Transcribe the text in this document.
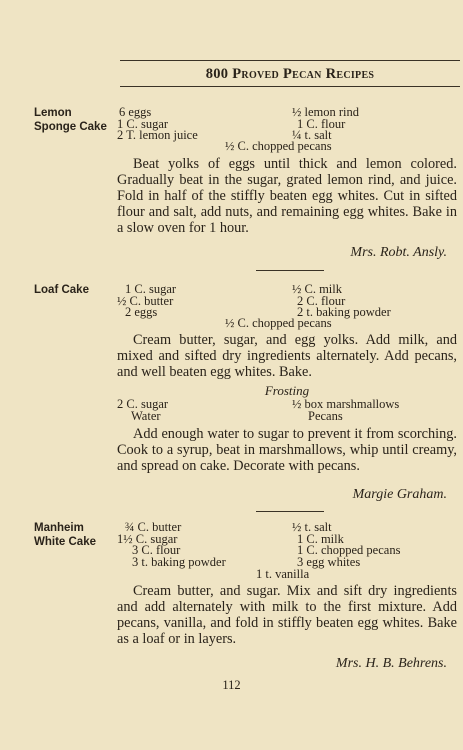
800 Proved Pecan Recipes
Lemon
Sponge Cake
6 eggs
1 C. sugar
2 T. lemon juice
½ lemon rind
1 C. flour
¼ t. salt
½ C. chopped pecans
Beat yolks of eggs until thick and lemon colored. Gradually beat in the sugar, grated lemon rind, and juice. Fold in half of the stiffly beaten egg whites. Cut in sifted flour and salt, add nuts, and remaining egg whites. Bake in a slow oven for 1 hour.
Mrs. Robt. Ansly.
Loaf Cake	1 C. sugar
½ C. butter
2 eggs
½ C. milk
2 C. flour
2 t. baking powder
½ C. chopped pecans
Cream butter, sugar, and egg yolks. Add milk, and mixed and sifted dry ingredients alternately. Add pecans, and well beaten egg whites. Bake.
Frosting
2 C. sugar
Water
½ box marshmallows
Pecans
Add enough water to sugar to prevent it from scorching. Cook to a syrup, beat in marshmallows, whip until creamy, and spread on cake. Decorate with pecans.
Margie Graham.
Manheim
White Cake
¾ C. butter
1½ C. sugar
3 C. flour
3 t. baking powder
½ t. salt
1 C. milk
1 C. chopped pecans
3 egg whites
1 t. vanilla
Cream butter, and sugar. Mix and sift dry ingredients and add alternately with milk to the first mixture. Add pecans, vanilla, and fold in stiffly beaten egg whites. Bake as a loaf or in layers.
Mrs. H. B. Behrens.
112
